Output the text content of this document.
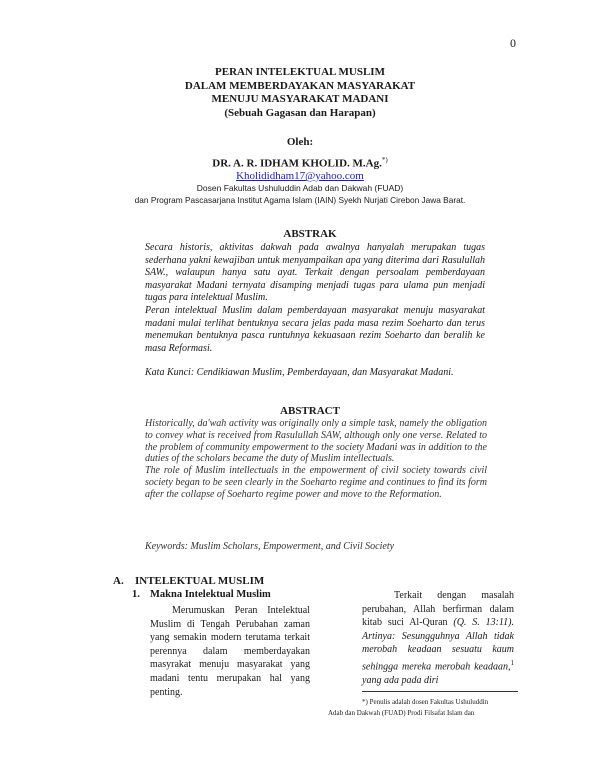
0
PERAN INTELEKTUAL MUSLIM
DALAM MEMBERDAYAKAN MASYARAKAT
MENUJU MASYARAKAT MADANI
(Sebuah Gagasan dan Harapan)
Oleh:
DR. A. R. IDHAM KHOLID. M.Ag.*)
Kholididham17@yahoo.com
Dosen Fakultas Ushuluddin Adab dan Dakwah (FUAD)
dan Program Pascasarjana Institut Agama Islam (IAIN) Syekh Nurjati Cirebon Jawa Barat.
ABSTRAK

Secara historis, aktivitas dakwah pada awalnya hanyalah merupakan tugas sederhana yakni kewajiban untuk menyampaikan apa yang diterima dari Rasulullah SAW., walaupun hanya satu ayat. Terkait dengan persoalam pemberdayaan masyarakat Madani ternyata disamping menjadi tugas para ulama pun menjadi tugas para intelektual Muslim.

Peran intelektual Muslim dalam pemberdayaan masyarakat menuju masyarakat madani mulai terlihat bentuknya secara jelas pada masa rezim Soeharto dan terus menemukan bentuknya pasca runtuhnya kekuasaan rezim Soeharto dan beralih ke masa Reformasi.

Kata Kunci: Cendikiawan Muslim, Pemberdayaan, dan Masyarakat Madani.
ABSTRACT

Historically, da'wah activity was originally only a simple task, namely the obligation to convey what is received from Rasulullah SAW, although only one verse. Related to the problem of community empowerment to the society Madani was in addition to the duties of the scholars became the duty of Muslim intellectuals.

The role of Muslim intellectuals in the empowerment of civil society towards civil society began to be seen clearly in the Soeharto regime and continues to find its form after the collapse of Soeharto regime power and move to the Reformation.

Keywords: Muslim Scholars, Empowerment, and Civil Society
A. INTELEKTUAL MUSLIM
1. Makna Intelektual Muslim

Merumuskan Peran Intelektual Muslim di Tengah Perubahan zaman yang semakin modern terutama terkait perennya dalam memberdayakan masyrakat menuju masyarakat yang madani tentu merupakan hal yang penting.

Terkait dengan masalah perubahan, Allah berfirman dalam kitab suci Al-Quran (Q. S. 13:11). Artinya: Sesungguhnya Allah tidak merobah keadaan sesuatu kaum sehingga mereka merobah keadaan,$^1$ yang ada pada diri

*) Penulis adalah dosen Fakultas Ushuluddin
Adab dan Dakwah (FUAD) Prodi Filsafat Islam dan
